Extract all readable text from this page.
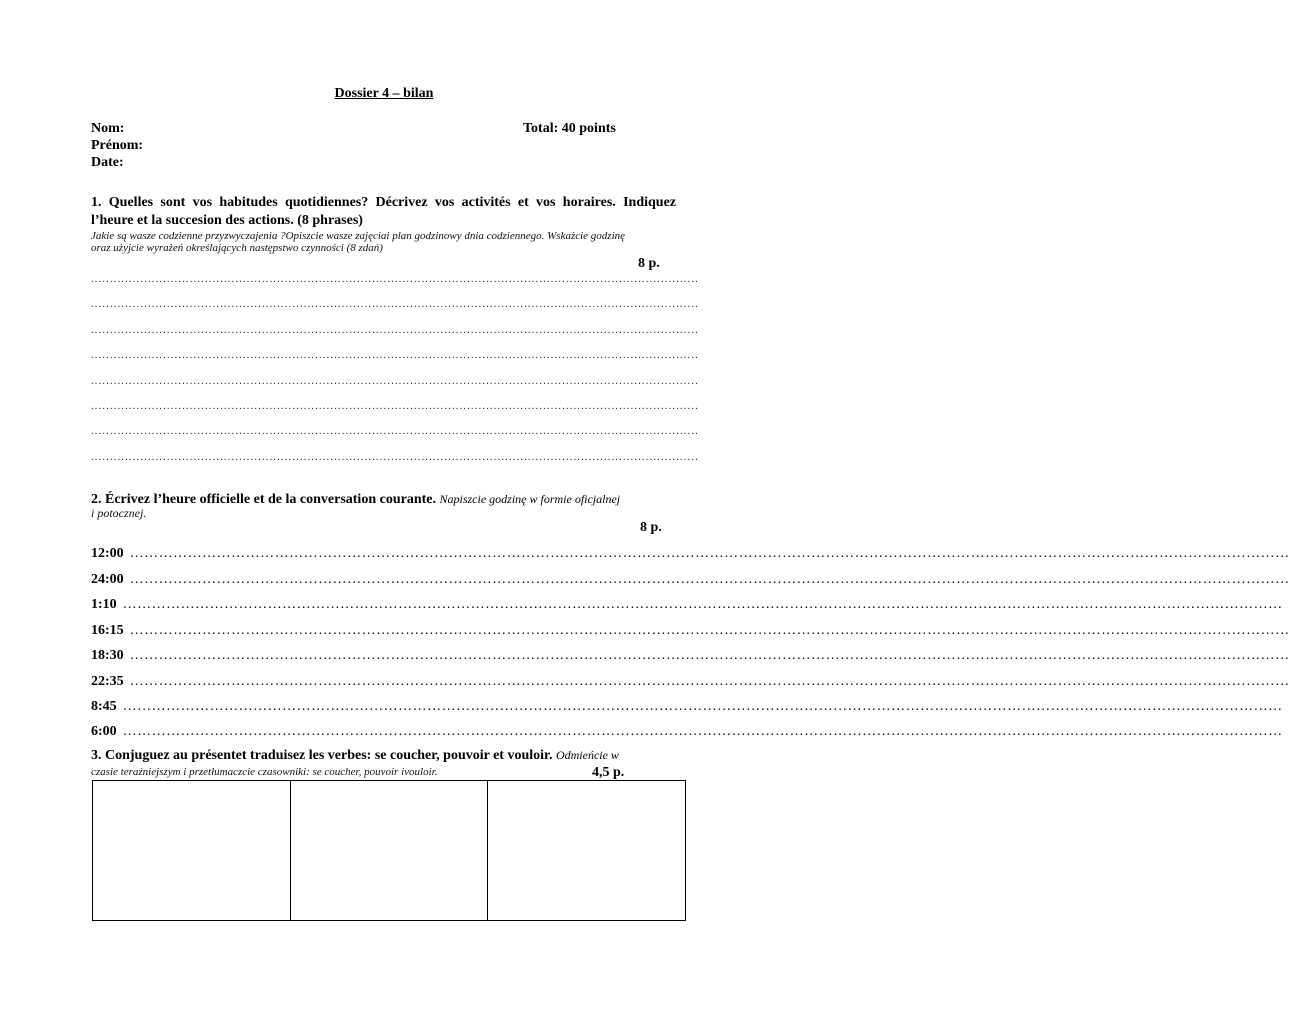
Dossier 4 – bilan
Nom:
Prénom:
Date:
Total: 40 points
1. Quelles sont vos habitudes quotidiennes? Décrivez vos activités et vos horaires. Indiquez l’heure et la succesion des actions. (8 phrases)
Jakie są wasze codzienne przyzwyczajenia ?Opiszcie wasze zajęciai plan godzinowy dnia codziennego. Wskażcie godzinę
oraz użyjcie wyrażeń określających następstwo czynności (8 zdań)
8 p.
................................................................................................................................................................
................................................................................................................................................................
................................................................................................................................................................
................................................................................................................................................................
................................................................................................................................................................
................................................................................................................................................................
................................................................................................................................................................
................................................................................................................................................................
2. Écrivez l’heure officielle et de la conversation courante. Napiszcie godzinę w formie oficjalnej
i potocznej.
8 p.
12:00 ……………………………………………………………………………………………………………………………………………………………………………………………………………………
24:00 ……………………………………………………………………………………………………………………………………………………………………………………………………………………
1:10 ……………………………………………………………………………………………………………………………………………………………………………………………………………………
16:15 ……………………………………………………………………………………………………………………………………………………………………………………………………………………
18:30 ……………………………………………………………………………………………………………………………………………………………………………………………………………………
22:35 ……………………………………………………………………………………………………………………………………………………………………………………………………………………
8:45 ……………………………………………………………………………………………………………………………………………………………………………………………………………………
6:00 ……………………………………………………………………………………………………………………………………………………………………………………………………………………
3. Conjuguez au présentet traduisez les verbes: se coucher, pouvoir et vouloir. Odmieńcie w
czasie teraźniejszym i przetłumaczcie czasowniki: se coucher, pouvoir ivouloir.	4,5 p.
